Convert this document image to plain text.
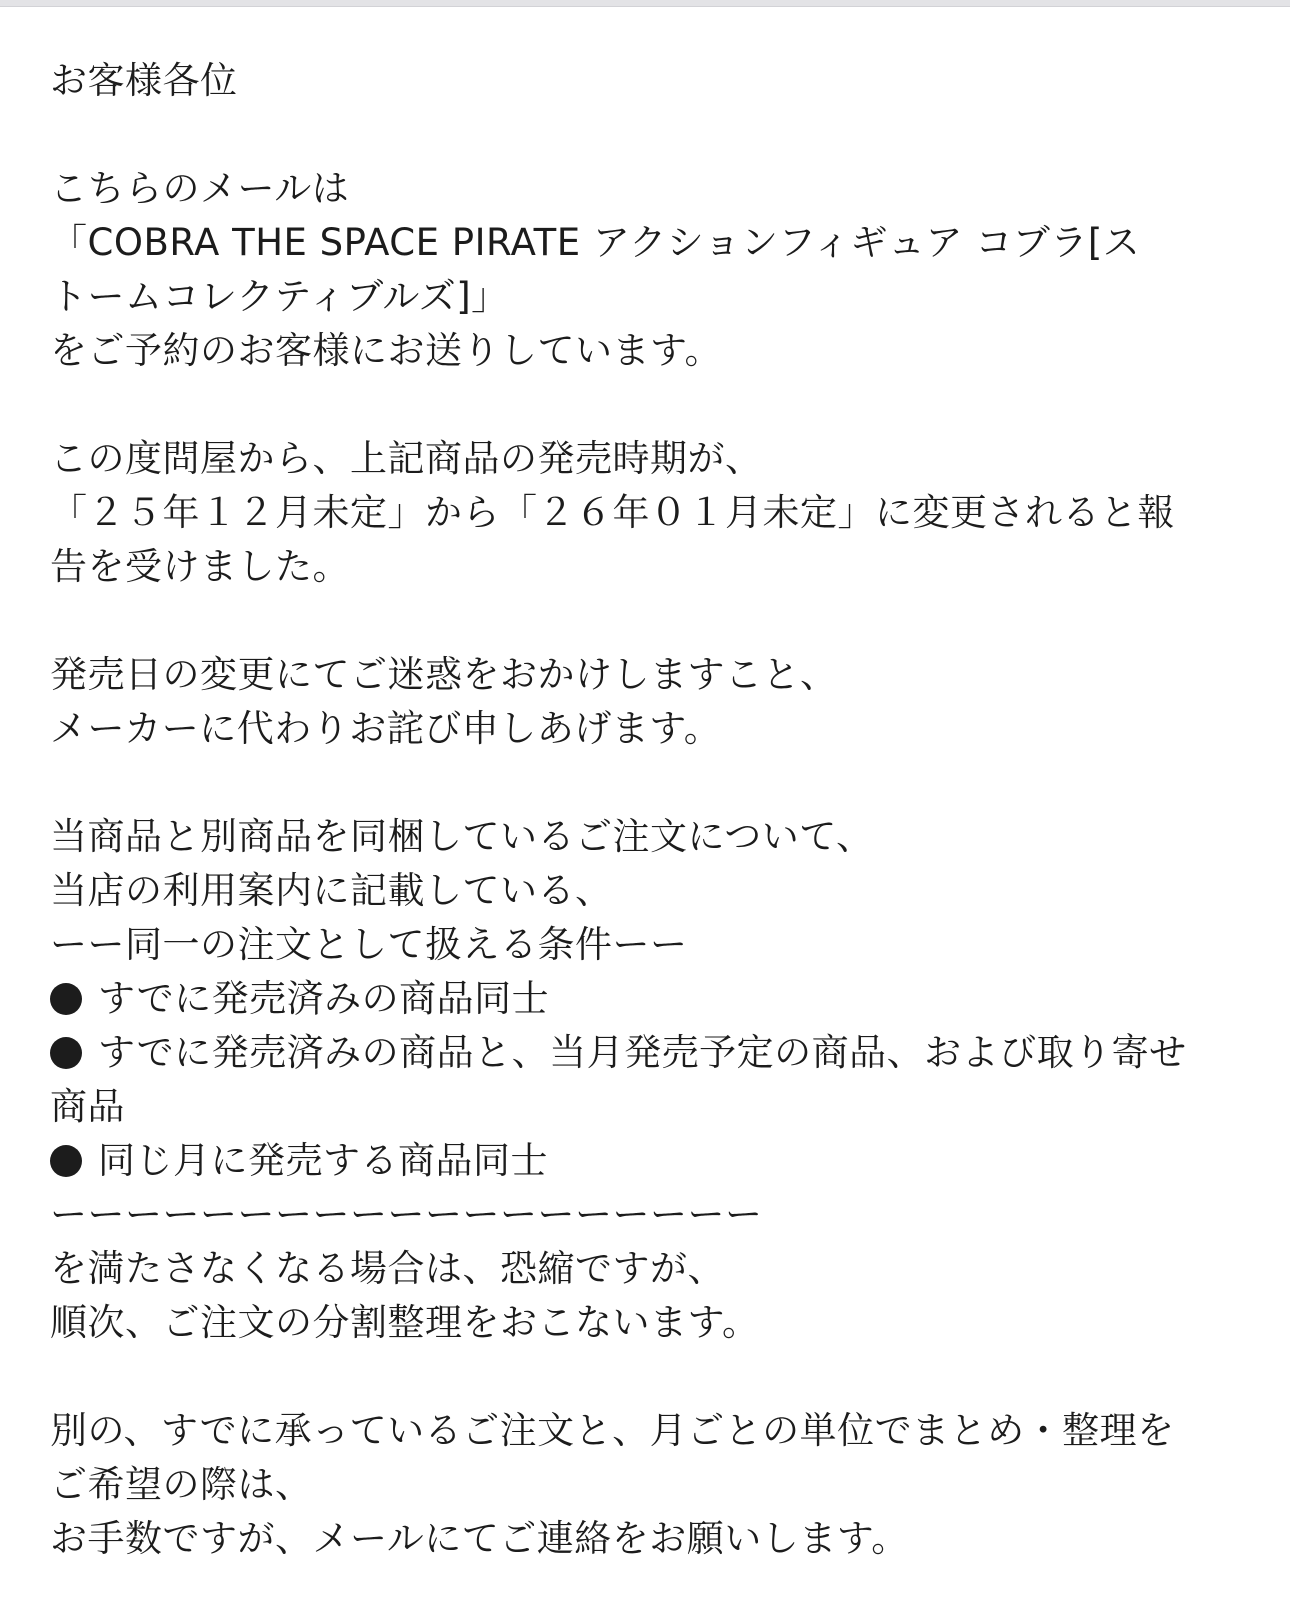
お客様各位
こちらのメールは
「COBRA THE SPACE PIRATE アクションフィギュア コブラ[ス
トームコレクティブルズ]」
をご予約のお客様にお送りしています。
この度問屋から、上記商品の発売時期が、
「２５年１２月未定」から「２６年０１月未定」に変更されると報
告を受けました。
発売日の変更にてご迷惑をおかけしますこと、
メーカーに代わりお詫び申しあげます。
当商品と別商品を同梱しているご注文について、
当店の利用案内に記載している、
ーー同一の注文として扱える条件ーー
すでに発売済みの商品同士
すでに発売済みの商品と、当月発売予定の商品、および取り寄せ
商品
同じ月に発売する商品同士
ーーーーーーーーーーーーーーーーーーー
を満たさなくなる場合は、恐縮ですが、
順次、ご注文の分割整理をおこないます。
別の、すでに承っているご注文と、月ごとの単位でまとめ・整理を
ご希望の際は、
お手数ですが、メールにてご連絡をお願いします。
